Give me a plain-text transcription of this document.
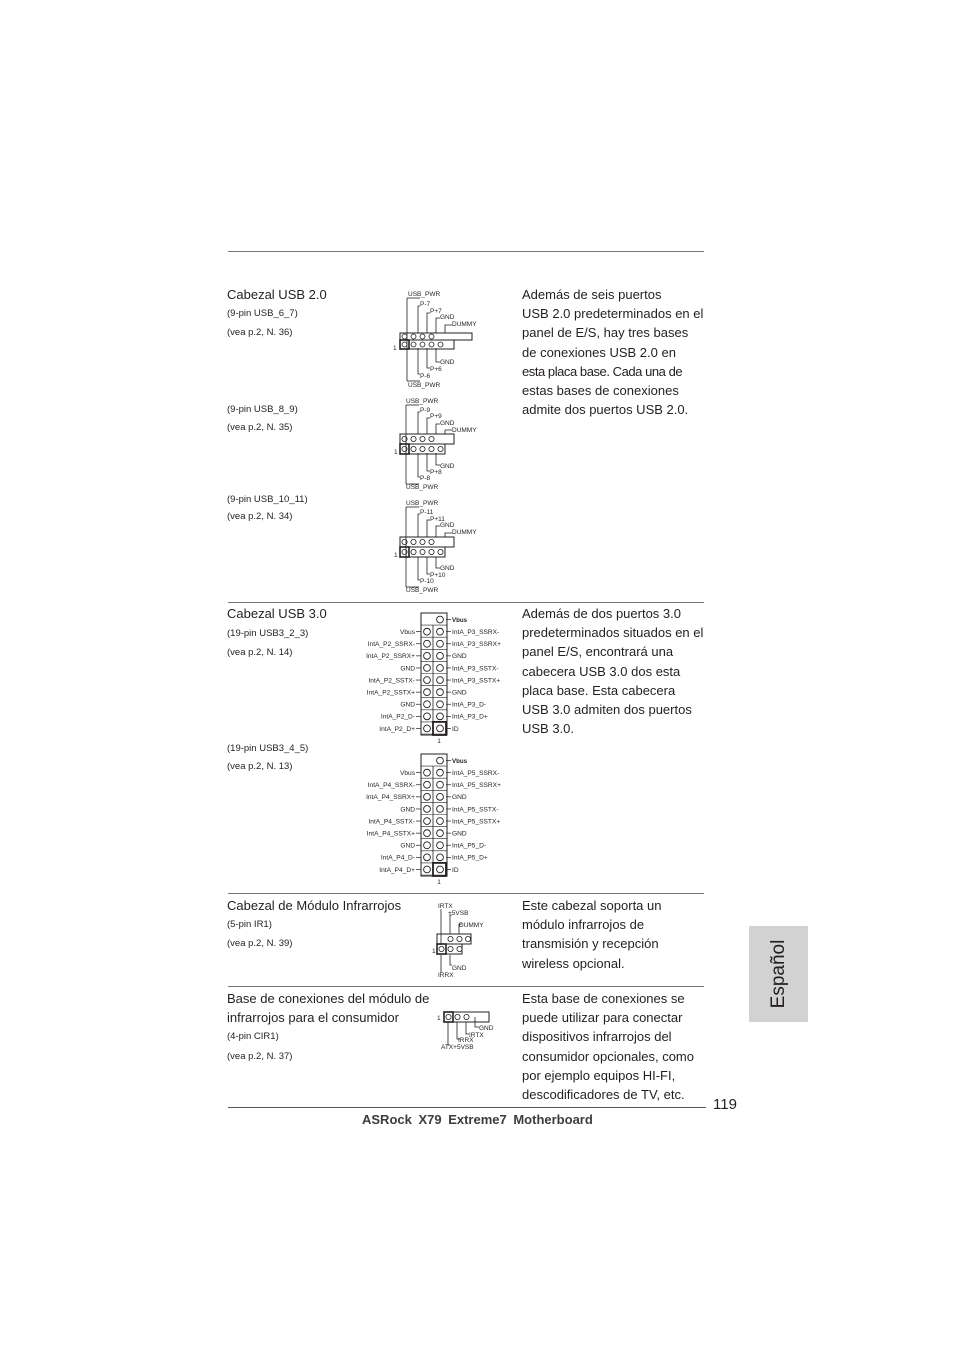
Cabezal USB 2.0
(9-pin USB_6_7)
(vea p.2, N. 36)
(9-pin USB_8_9)
(vea p.2, N. 35)
(9-pin USB_10_11)
(vea p.2, N. 34)
Además de seis puertos
USB 2.0 predeterminados en el
panel de E/S, hay tres bases
de conexiones USB 2.0 en
esta placa base. Cada una de
estas bases de conexiones
admite dos puertos USB 2.0.
USB_PWR
P-7
P+7
GND
DUMMY
1
GND
P+6
P-6
USB_PWR
USB_PWR
P-9
P+9
GND
DUMMY
1
GND
P+8
P-8
USB_PWR
USB_PWR
P-11
P+11
GND
DUMMY
1
GND
P+10
P-10
USB_PWR
Cabezal USB 3.0
(19-pin USB3_2_3)
(vea p.2, N. 14)
(19-pin USB3_4_5)
(vea p.2, N. 13)
Además de dos puertos 3.0
predeterminados situados en el
panel E/S, encontrará una
cabecera USB 3.0 dos esta
placa base. Esta cabecera
USB 3.0 admiten dos puertos
USB 3.0.
Vbus
Vbus	IntA_P3_SSRX-
IntA_P2_SSRX-	IntA_P3_SSRX+
IntA_P2_SSRX+	GND
GND	IntA_P3_SSTX-
IntA_P2_SSTX-	IntA_P3_SSTX+
IntA_P2_SSTX+	GND
GND	IntA_P3_D-
IntA_P2_D-	IntA_P3_D+
IntA_P2_D+	ID
1
Vbus
Vbus	IntA_P5_SSRX-
IntA_P4_SSRX-	IntA_P5_SSRX+
IntA_P4_SSRX+	GND
GND	IntA_P5_SSTX-
IntA_P4_SSTX-	IntA_P5_SSTX+
IntA_P4_SSTX+	GND
GND	IntA_P5_D-
IntA_P4_D-	IntA_P5_D+
IntA_P4_D+	ID
1
Cabezal de Módulo Infrarrojos
(5-pin IR1)
(vea p.2, N. 39)
Este cabezal soporta un
módulo infrarrojos de
transmisión y recepción
wireless opcional.
IRTX
+5VSB
DUMMY
1
GND
IRRX
Base de conexiones del módulo de
infrarrojos para el consumidor
(4-pin CIR1)
(vea p.2, N. 37)
Esta base de conexiones se
puede utilizar para conectar
dispositivos infrarrojos del
consumidor opcionales, como
por ejemplo equipos HI-FI,
descodificadores de TV, etc.
1
GND
IRTX
IRRX
ATX+5VSB
Español
119
ASRock X79 Extreme7 Motherboard
